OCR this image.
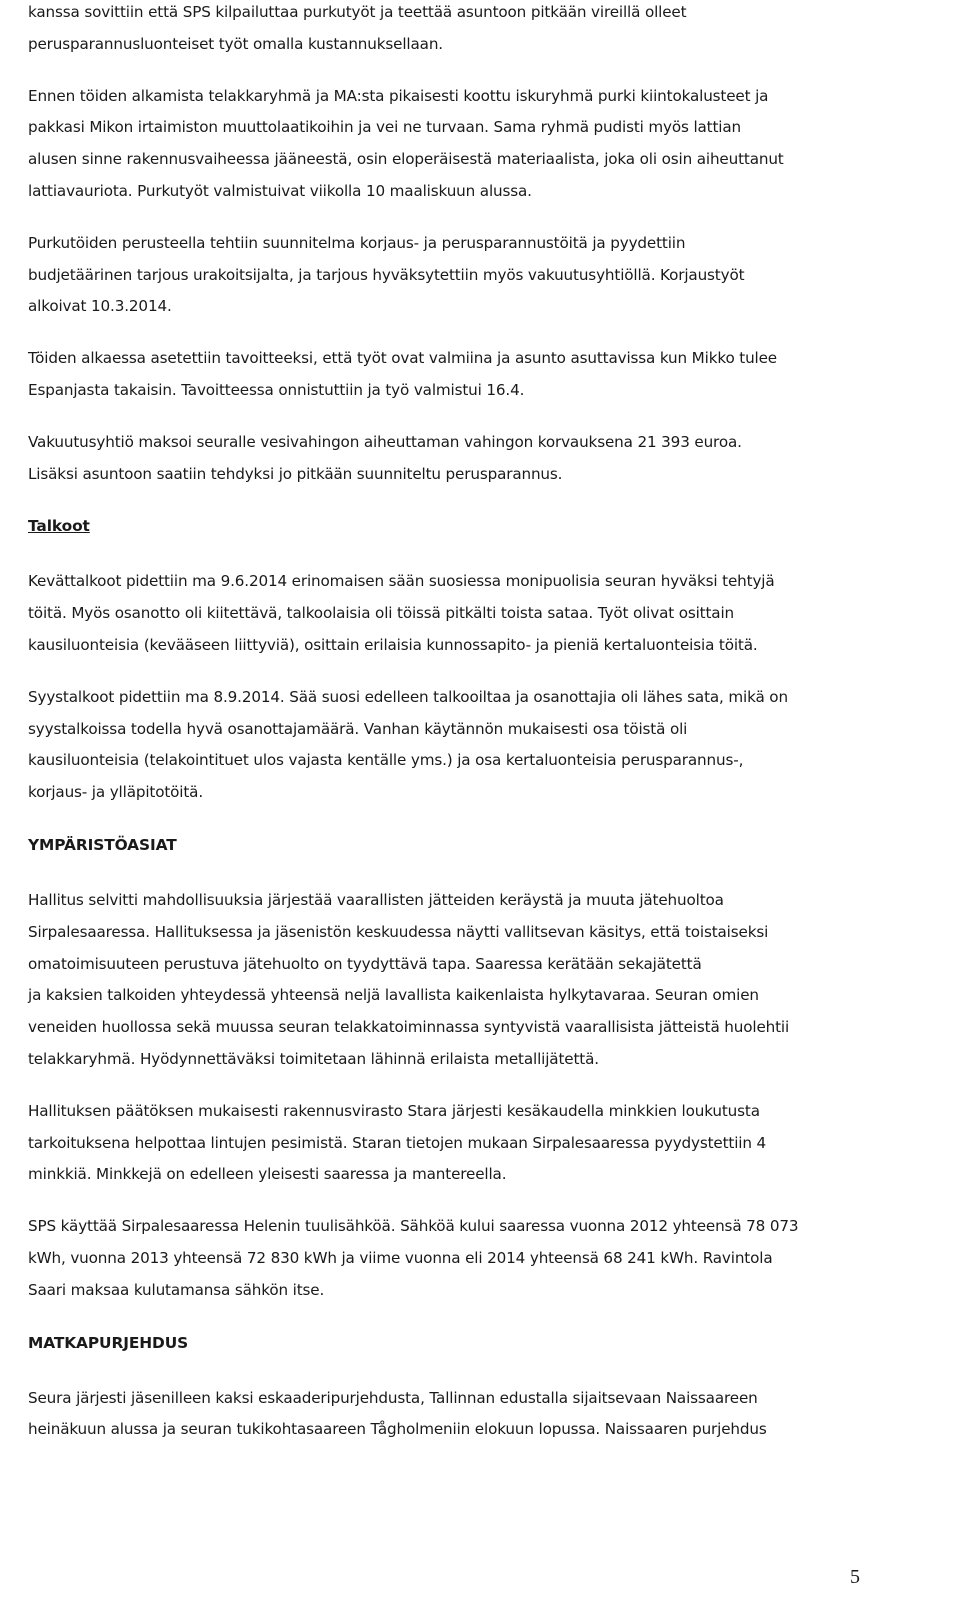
kanssa sovittiin että SPS kilpailuttaa purkutyöt ja teettää asuntoon pitkään vireillä olleet
perusparannusluonteiset työt omalla kustannuksellaan.

Ennen töiden alkamista telakkaryhmä ja MA:sta pikaisesti koottu iskuryhmä purki kiintokalusteet ja
pakkasi Mikon irtaimiston muuttolaatikoihin ja vei ne turvaan. Sama ryhmä pudisti myös lattian
alusen sinne rakennusvaiheessa jääneestä, osin eloperäisestä materiaalista, joka oli osin aiheuttanut
lattiavauriota. Purkutyöt valmistuivat viikolla 10 maaliskuun alussa.

Purkutöiden perusteella tehtiin suunnitelma korjaus- ja perusparannustöitä ja pyydettiin
budjetäärinen tarjous urakoitsijalta, ja tarjous hyväksytettiin myös vakuutusyhtiöllä. Korjaustyöt
alkoivat 10.3.2014.

Töiden alkaessa asetettiin tavoitteeksi, että työt ovat valmiina ja asunto asuttavissa kun Mikko tulee
Espanjasta takaisin. Tavoitteessa onnistuttiin ja työ valmistui 16.4.

Vakuutusyhtiö maksoi seuralle vesivahingon aiheuttaman vahingon korvauksena 21 393 euroa.
Lisäksi asuntoon saatiin tehdyksi jo pitkään suunniteltu perusparannus.

Talkoot

Kevättalkoot pidettiin ma 9.6.2014 erinomaisen sään suosiessa monipuolisia seuran hyväksi tehtyjä
töitä. Myös osanotto oli kiitettävä, talkoolaisia oli töissä pitkälti toista sataa. Työt olivat osittain
kausiluonteisia (kevääseen liittyviä), osittain erilaisia kunnossapito- ja pieniä kertaluonteisia töitä.

Syystalkoot pidettiin ma 8.9.2014. Sää suosi edelleen talkooiltaa ja osanottajia oli lähes sata, mikä on
syystalkoissa todella hyvä osanottajamäärä. Vanhan käytännön mukaisesti osa töistä oli
kausiluonteisia (telakointituet ulos vajasta kentälle yms.) ja osa kertaluonteisia perusparannus-,
korjaus- ja ylläpitotöitä.

YMPÄRISTÖASIAT

Hallitus selvitti mahdollisuuksia järjestää vaarallisten jätteiden keräystä ja muuta jätehuoltoa
Sirpalesaaressa. Hallituksessa ja jäsenistön keskuudessa näytti vallitsevan käsitys, että toistaiseksi
omatoimisuuteen perustuva jätehuolto on tyydyttävä tapa. Saaressa kerätään sekajätettä
ja kaksien talkoiden yhteydessä yhteensä neljä lavallista kaikenlaista hylkytavaraa. Seuran omien
veneiden huollossa sekä muussa seuran telakkatoiminnassa syntyvistä vaarallisista jätteistä huolehtii
telakkaryhmä. Hyödynnettäväksi toimitetaan lähinnä erilaista metallijätettä.

Hallituksen päätöksen mukaisesti rakennusvirasto Stara järjesti kesäkaudella minkkien loukutusta
tarkoituksena helpottaa lintujen pesimistä. Staran tietojen mukaan Sirpalesaaressa pyydystettiin 4
minkkiä. Minkkejä on edelleen yleisesti saaressa ja mantereella.

SPS käyttää Sirpalesaaressa Helenin tuulisähköä. Sähköä kului saaressa vuonna 2012 yhteensä 78 073
kWh, vuonna 2013 yhteensä 72 830 kWh ja viime vuonna eli 2014 yhteensä 68 241 kWh. Ravintola
Saari maksaa kulutamansa sähkön itse.

MATKAPURJEHDUS

Seura järjesti jäsenilleen kaksi eskaaderipurjehdusta, Tallinnan edustalla sijaitsevaan Naissaareen
heinäkuun alussa ja seuran tukikohtasaareen Tågholmeniin elokuun lopussa. Naissaaren purjehdus

5
